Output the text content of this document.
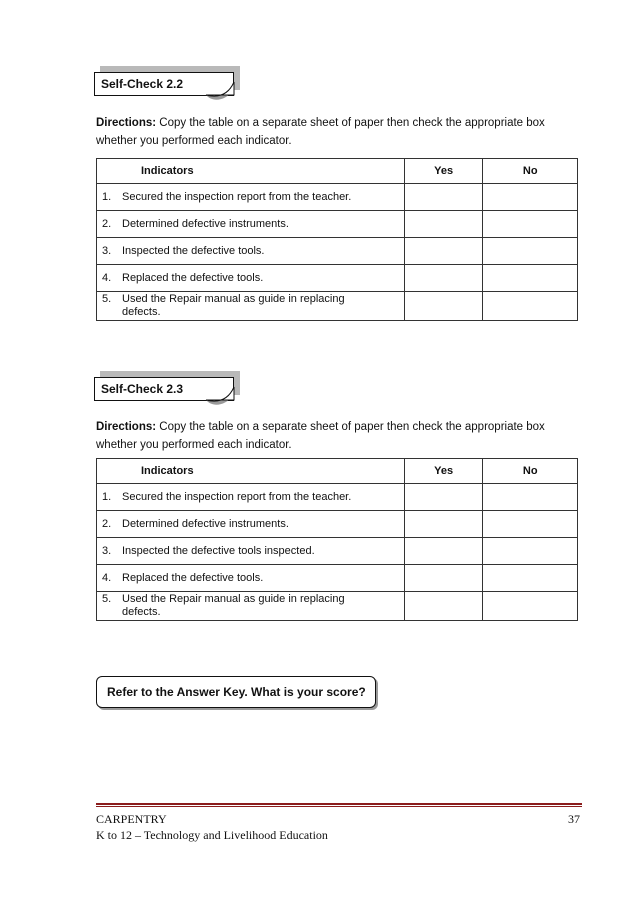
Self-Check 2.2
Directions: Copy the table on a separate sheet of paper then check the appropriate box
whether you performed each indicator.
Indicators	Yes	No
1. Secured the inspection report from the teacher.		
2. Determined defective instruments.		
3. Inspected the defective tools.		
4. Replaced the defective tools.		
5. Used the Repair manual as guide in replacing defects.		
Self-Check 2.3
Directions: Copy the table on a separate sheet of paper then check the appropriate box
whether you performed each indicator.
Indicators	Yes	No
1. Secured the inspection report from the teacher.		
2. Determined defective instruments.		
3. Inspected the defective tools inspected.		
4. Replaced the defective tools.		
5. Used the Repair manual as guide in replacing defects.		
Refer to the Answer Key. What is your score?
CARPENTRY	37
K to 12 – Technology and Livelihood Education
